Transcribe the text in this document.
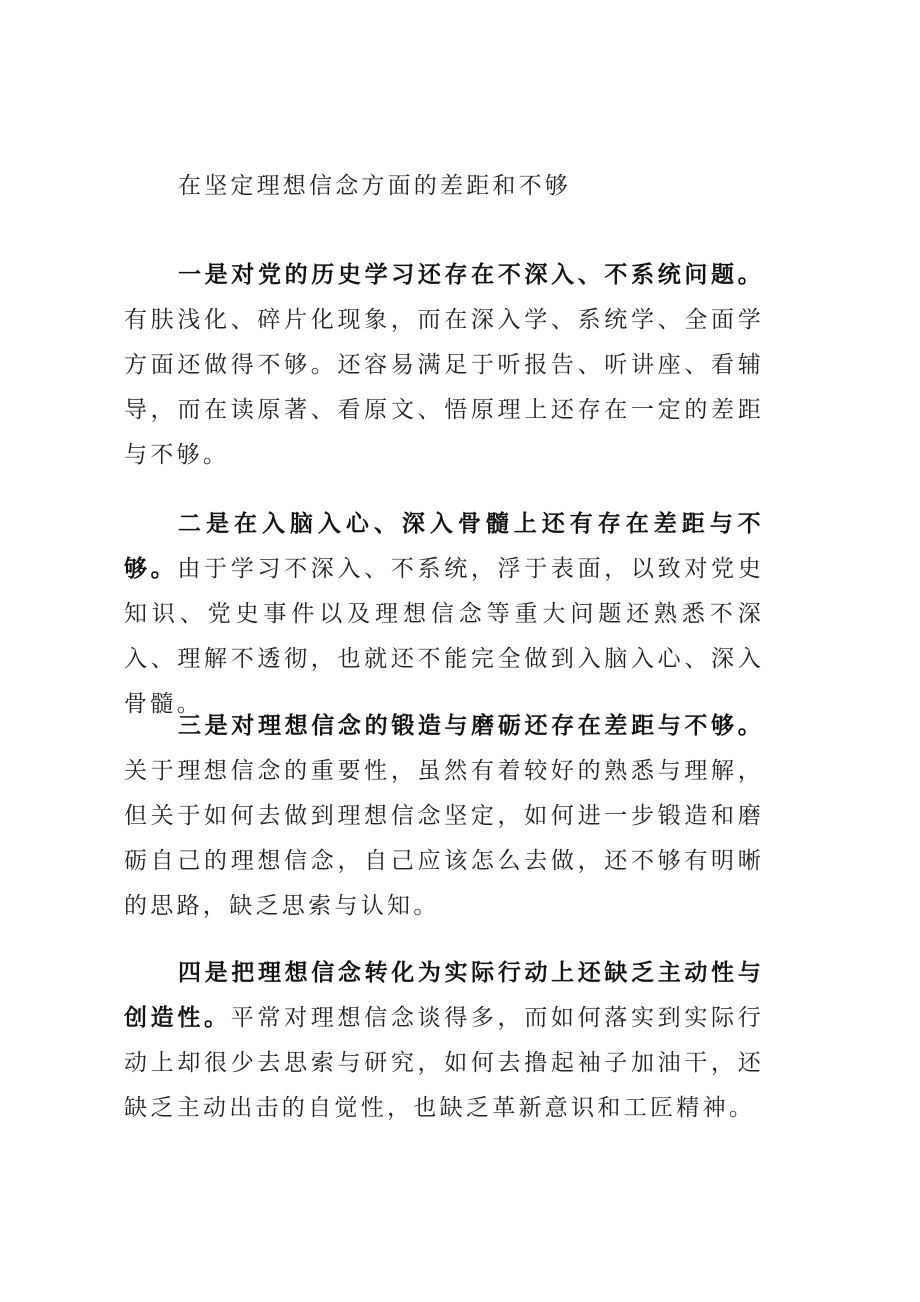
在坚定理想信念方面的差距和不够

一是对党的历史学习还存在不深入、不系统问题。有肤浅化、碎片化现象，而在深入学、系统学、全面学方面还做得不够。还容易满足于听报告、听讲座、看辅导，而在读原著、看原文、悟原理上还存在一定的差距与不够。

二是在入脑入心、深入骨髓上还有存在差距与不够。由于学习不深入、不系统，浮于表面，以致对党史知识、党史事件以及理想信念等重大问题还熟悉不深入、理解不透彻，也就还不能完全做到入脑入心、深入骨髓。

三是对理想信念的锻造与磨砺还存在差距与不够。关于理想信念的重要性，虽然有着较好的熟悉与理解，但关于如何去做到理想信念坚定，如何进一步锻造和磨砺自己的理想信念，自己应该怎么去做，还不够有明晰的思路，缺乏思索与认知。

四是把理想信念转化为实际行动上还缺乏主动性与创造性。平常对理想信念谈得多，而如何落实到实际行动上却很少去思索与研究，如何去撸起袖子加油干，还缺乏主动出击的自觉性，也缺乏革新意识和工匠精神。
